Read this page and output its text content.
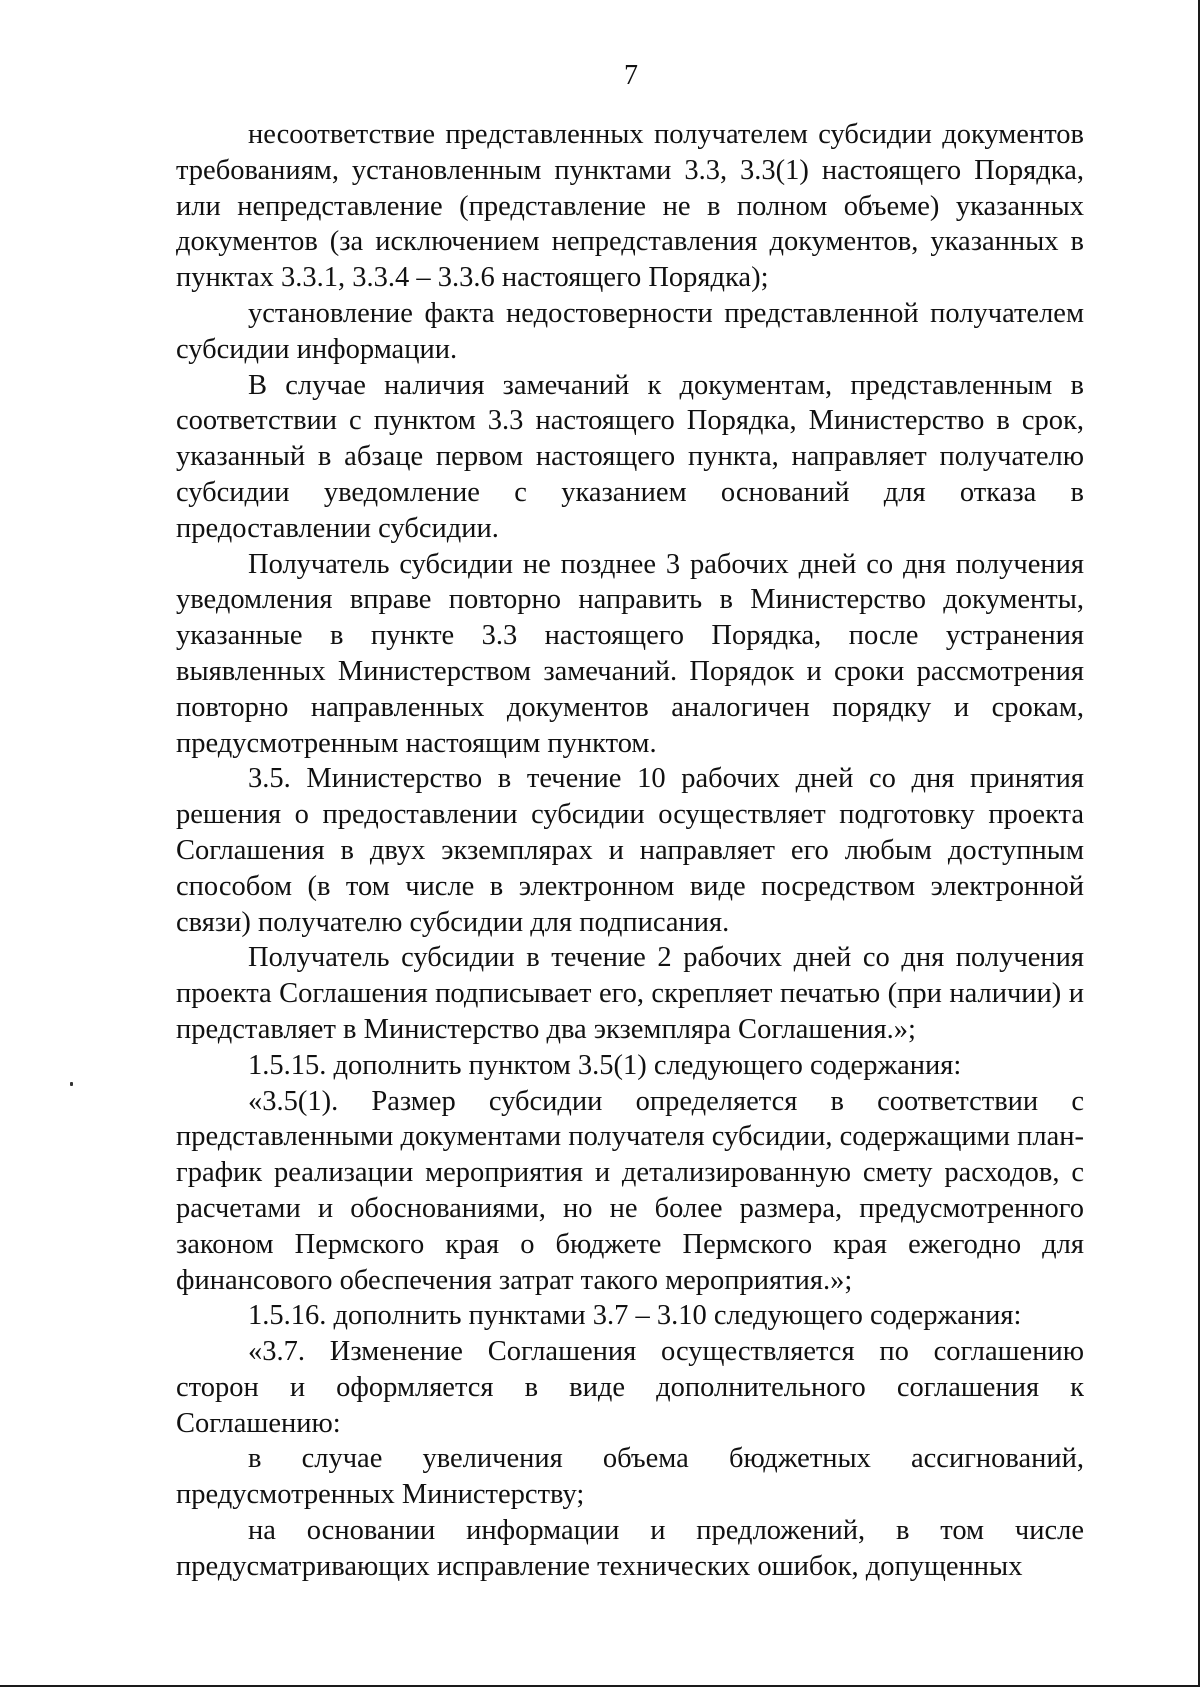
7

несоответствие представленных получателем субсидии документов требованиям, установленным пунктами 3.3, 3.3(1) настоящего Порядка, или непредставление (представление не в полном объеме) указанных документов (за исключением непредставления документов, указанных в пунктах 3.3.1, 3.3.4 – 3.3.6 настоящего Порядка);

установление факта недостоверности представленной получателем субсидии информации.

В случае наличия замечаний к документам, представленным в соответствии с пунктом 3.3 настоящего Порядка, Министерство в срок, указанный в абзаце первом настоящего пункта, направляет получателю субсидии уведомление с указанием оснований для отказа в предоставлении субсидии.

Получатель субсидии не позднее 3 рабочих дней со дня получения уведомления вправе повторно направить в Министерство документы, указанные в пункте 3.3 настоящего Порядка, после устранения выявленных Министерством замечаний. Порядок и сроки рассмотрения повторно направленных документов аналогичен порядку и срокам, предусмотренным настоящим пунктом.

3.5. Министерство в течение 10 рабочих дней со дня принятия решения о предоставлении субсидии осуществляет подготовку проекта Соглашения в двух экземплярах и направляет его любым доступным способом (в том числе в электронном виде посредством электронной связи) получателю субсидии для подписания.

Получатель субсидии в течение 2 рабочих дней со дня получения проекта Соглашения подписывает его, скрепляет печатью (при наличии) и представляет в Министерство два экземпляра Соглашения.»;

1.5.15. дополнить пунктом 3.5(1) следующего содержания:

«3.5(1). Размер субсидии определяется в соответствии с представленными документами получателя субсидии, содержащими план-график реализации мероприятия и детализированную смету расходов, с расчетами и обоснованиями, но не более размера, предусмотренного законом Пермского края о бюджете Пермского края ежегодно для финансового обеспечения затрат такого мероприятия.»;

1.5.16. дополнить пунктами 3.7 – 3.10 следующего содержания:

«3.7. Изменение Соглашения осуществляется по соглашению сторон и оформляется в виде дополнительного соглашения к Соглашению:

в случае увеличения объема бюджетных ассигнований, предусмотренных Министерству;

на основании информации и предложений, в том числе предусматривающих исправление технических ошибок, допущенных
